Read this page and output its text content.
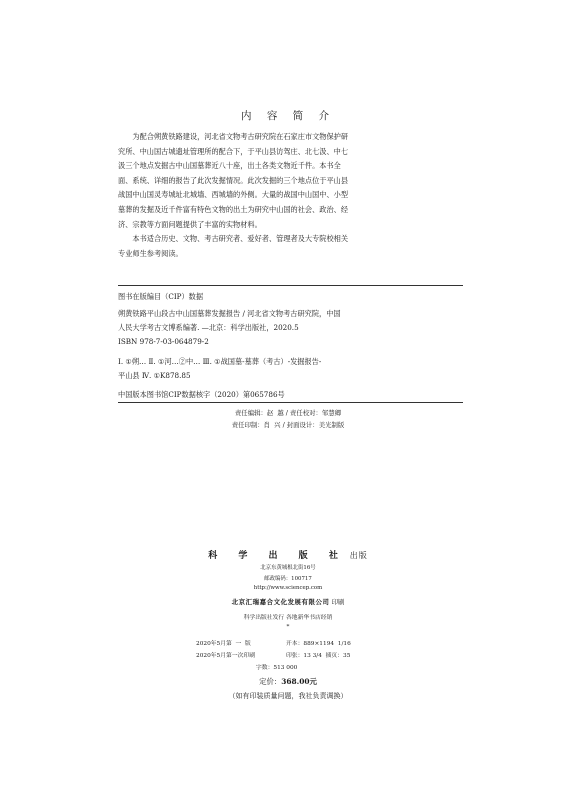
内 容 简 介

为配合朔黄铁路建设，河北省文物考古研究院在石家庄市文物保护研
究所、中山国古城遗址管理所的配合下，于平山县访驾庄、北七汲、中七
汲三个地点发掘古中山国墓葬近八十座，出土各类文物近千件。本书全
面、系统、详细的报告了此次发掘情况。此次发掘的三个地点位于平山县
战国中山国灵寿城址北城墙、西城墙的外侧。大量的战国中山国中、小型
墓葬的发掘及近千件富有特色文物的出土为研究中山国的社会、政治、经
济、宗教等方面问题提供了丰富的实物材料。

本书适合历史、文物、考古研究者、爱好者、管理者及大专院校相关
专业师生参考阅读。

图书在版编目（CIP）数据
朔黄铁路平山段古中山国墓葬发掘报告 / 河北省文物考古研究院，中国
人民大学考古文博系编著. —北京：科学出版社，2020.5
ISBN 978-7-03-064879-2
Ⅰ. ①朔… Ⅱ. ①河…②中… Ⅲ. ①战国墓-墓葬（考古）-发掘报告-
平山县 Ⅳ. ①K878.85
中国版本图书馆CIP数据核字（2020）第065786号
责任编辑：赵  越 / 责任校对：邹慧卿
责任印制：肖  兴 / 封面设计：美光制版
科 学 出 版 社 出版
北京东黄城根北街16号
邮政编码：100717
http://www.sciencep.com
北京汇瑞嘉合文化发展有限公司 印刷
科学出版社发行 各地新华书店经销
*
2020年5月第  一  版	开本：889×1194  1/16
2020年5月第一次印刷	印张：13 3/4  插页：35
字数：513 000
定价：368.00元
（如有印装质量问题，我社负责调换）
